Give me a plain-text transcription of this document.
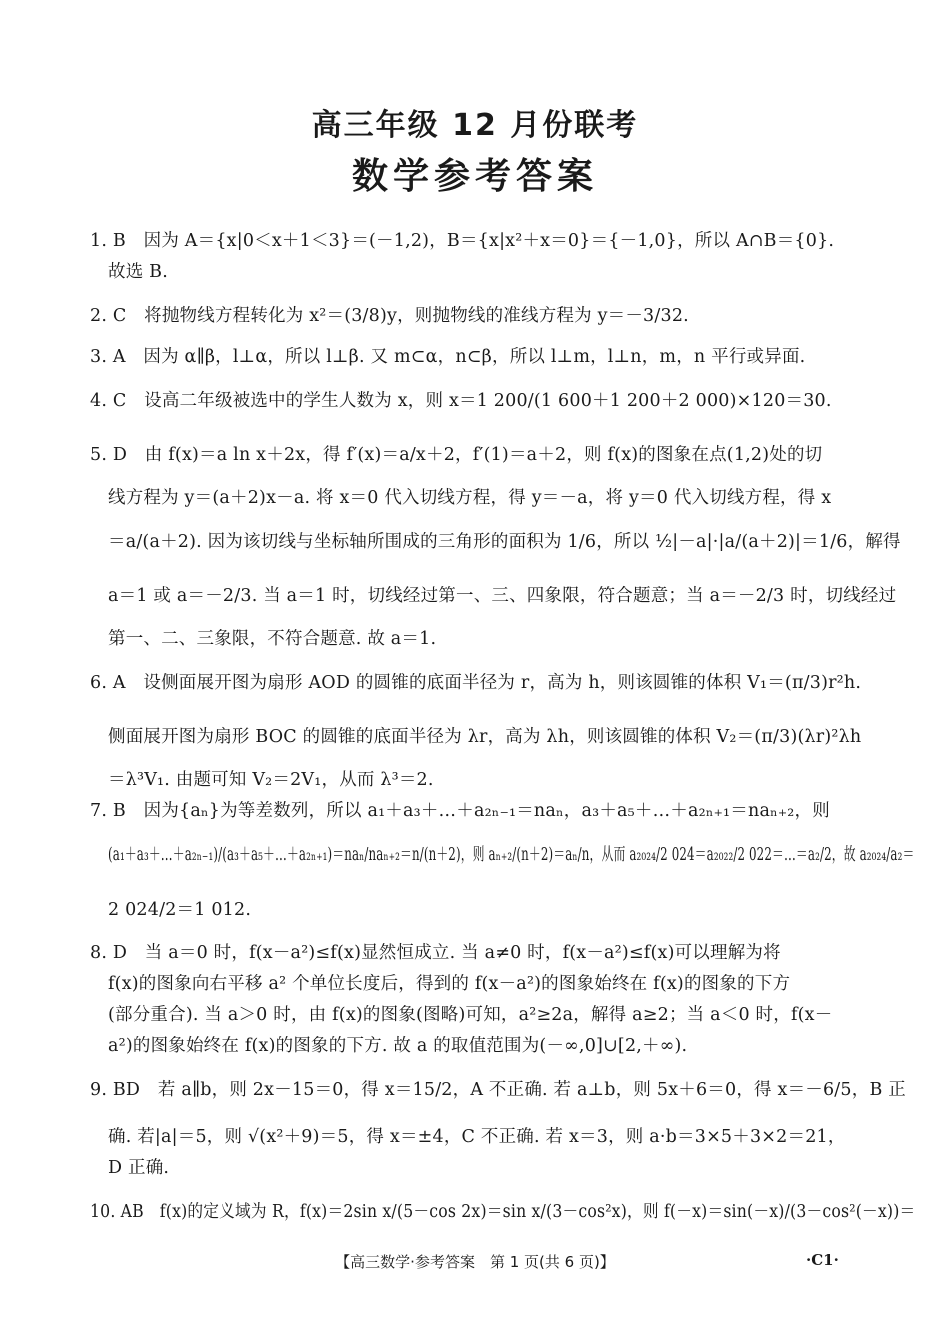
高三年级 12 月份联考
数学参考答案
1. B　因为 A＝{x|0＜x＋1＜3}＝(－1,2)，B＝{x|x²＋x＝0}＝{－1,0}，所以 A∩B＝{0}.
故选 B.
2. C　将抛物线方程转化为 x²＝(3/8)y，则抛物线的准线方程为 y＝－3/32.
3. A　因为 α∥β，l⊥α，所以 l⊥β. 又 m⊂α，n⊂β，所以 l⊥m，l⊥n，m，n 平行或异面.
4. C　设高二年级被选中的学生人数为 x，则 x＝1 200/(1 600＋1 200＋2 000)×120＝30.
5. D　由 f(x)＝a ln x＋2x，得 f′(x)＝a/x＋2，f′(1)＝a＋2，则 f(x)的图象在点(1,2)处的切
线方程为 y＝(a＋2)x－a. 将 x＝0 代入切线方程，得 y＝－a，将 y＝0 代入切线方程，得 x
＝a/(a＋2). 因为该切线与坐标轴所围成的三角形的面积为 1/6，所以 ½|－a|·|a/(a＋2)|＝1/6，解得
a＝1 或 a＝－2/3. 当 a＝1 时，切线经过第一、三、四象限，符合题意；当 a＝－2/3 时，切线经过
第一、二、三象限，不符合题意. 故 a＝1.
6. A　设侧面展开图为扇形 AOD 的圆锥的底面半径为 r，高为 h，则该圆锥的体积 V₁＝(π/3)r²h.
侧面展开图为扇形 BOC 的圆锥的底面半径为 λr，高为 λh，则该圆锥的体积 V₂＝(π/3)(λr)²λh
＝λ³V₁. 由题可知 V₂＝2V₁，从而 λ³＝2.
7. B　因为{aₙ}为等差数列，所以 a₁＋a₃＋…＋a₂ₙ₋₁＝naₙ，a₃＋a₅＋…＋a₂ₙ₊₁＝naₙ₊₂，则
(a₁＋a₃＋…＋a₂ₙ₋₁)/(a₃＋a₅＋…＋a₂ₙ₊₁)＝naₙ/naₙ₊₂＝n/(n＋2)，则 aₙ₊₂/(n＋2)＝aₙ/n，从而 a₂₀₂₄/2 024＝a₂₀₂₂/2 022＝…＝a₂/2，故 a₂₀₂₄/a₂＝
2 024/2＝1 012.
8. D　当 a＝0 时，f(x－a²)≤f(x)显然恒成立. 当 a≠0 时，f(x－a²)≤f(x)可以理解为将
f(x)的图象向右平移 a² 个单位长度后，得到的 f(x－a²)的图象始终在 f(x)的图象的下方
(部分重合). 当 a＞0 时，由 f(x)的图象(图略)可知，a²≥2a，解得 a≥2；当 a＜0 时，f(x－
a²)的图象始终在 f(x)的图象的下方. 故 a 的取值范围为(－∞,0]∪[2,＋∞).
9. BD　若 a∥b，则 2x－15＝0，得 x＝15/2，A 不正确. 若 a⊥b，则 5x＋6＝0，得 x＝－6/5，B 正
确. 若|a|＝5，则 √(x²＋9)＝5，得 x＝±4，C 不正确. 若 x＝3，则 a·b＝3×5＋3×2＝21，
D 正确.
10. AB　f(x)的定义域为 R，f(x)＝2sin x/(5－cos 2x)＝sin x/(3－cos²x)，则 f(－x)＝sin(－x)/(3－cos²(－x))＝
【高三数学·参考答案　第 1 页(共 6 页)】	·C1·
